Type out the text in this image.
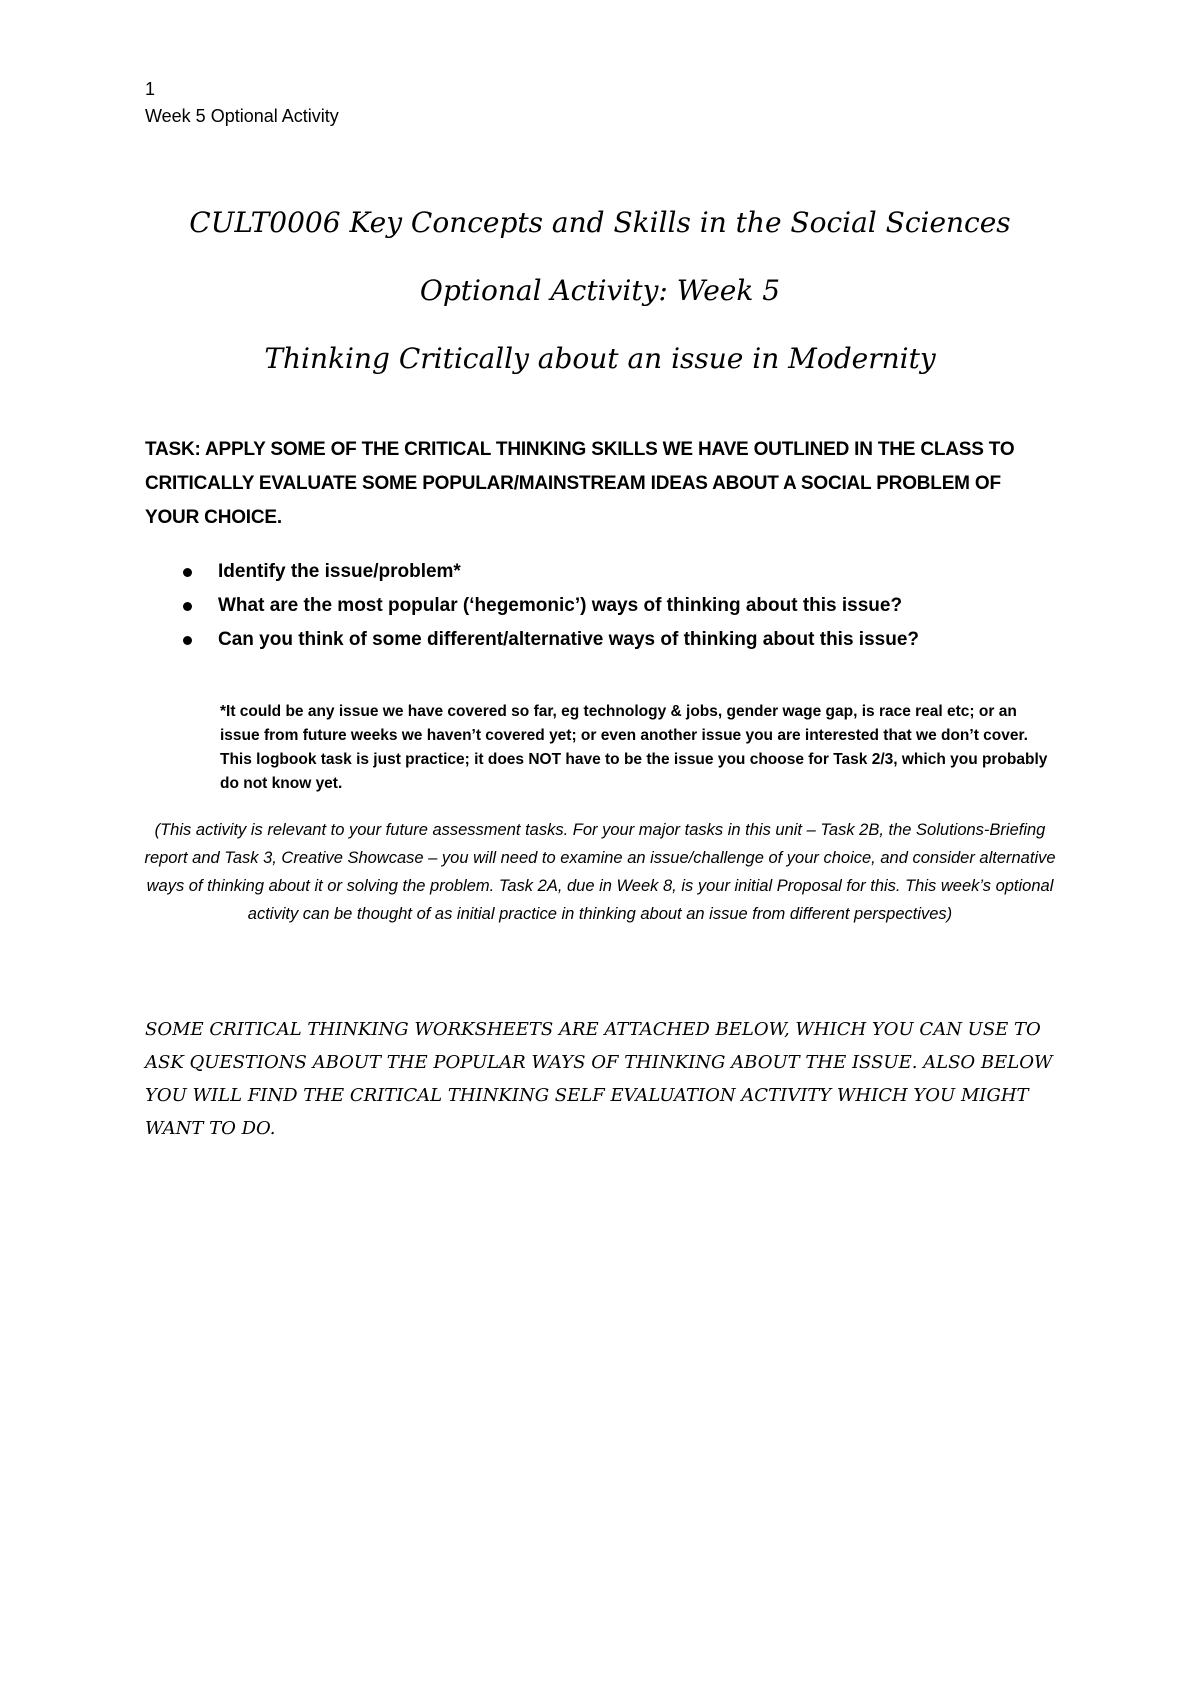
1
Week 5 Optional Activity
CULT0006 Key Concepts and Skills in the Social Sciences
Optional Activity: Week 5
Thinking Critically about an issue in Modernity
TASK: APPLY SOME OF THE CRITICAL THINKING SKILLS WE HAVE OUTLINED IN THE CLASS TO CRITICALLY EVALUATE SOME POPULAR/MAINSTREAM IDEAS ABOUT A SOCIAL PROBLEM OF YOUR CHOICE.
Identify the issue/problem*
What are the most popular (‘hegemonic’) ways of thinking about this issue?
Can you think of some different/alternative ways of thinking about this issue?
*It could be any issue we have covered so far, eg technology & jobs, gender wage gap, is race real etc; or an issue from future weeks we haven’t covered yet; or even another issue you are interested that we don’t cover. This logbook task is just practice; it does NOT have to be the issue you choose for Task 2/3, which you probably do not know yet.
(This activity is relevant to your future assessment tasks. For your major tasks in this unit – Task 2B, the Solutions-Briefing report and Task 3, Creative Showcase – you will need to examine an issue/challenge of your choice, and consider alternative ways of thinking about it or solving the problem. Task 2A, due in Week 8, is your initial Proposal for this. This week’s optional activity can be thought of as initial practice in thinking about an issue from different perspectives)
SOME CRITICAL THINKING WORKSHEETS ARE ATTACHED BELOW, WHICH YOU CAN USE TO ASK QUESTIONS ABOUT THE POPULAR WAYS OF THINKING ABOUT THE ISSUE. ALSO BELOW YOU WILL FIND THE CRITICAL THINKING SELF EVALUATION ACTIVITY WHICH YOU MIGHT WANT TO DO.
